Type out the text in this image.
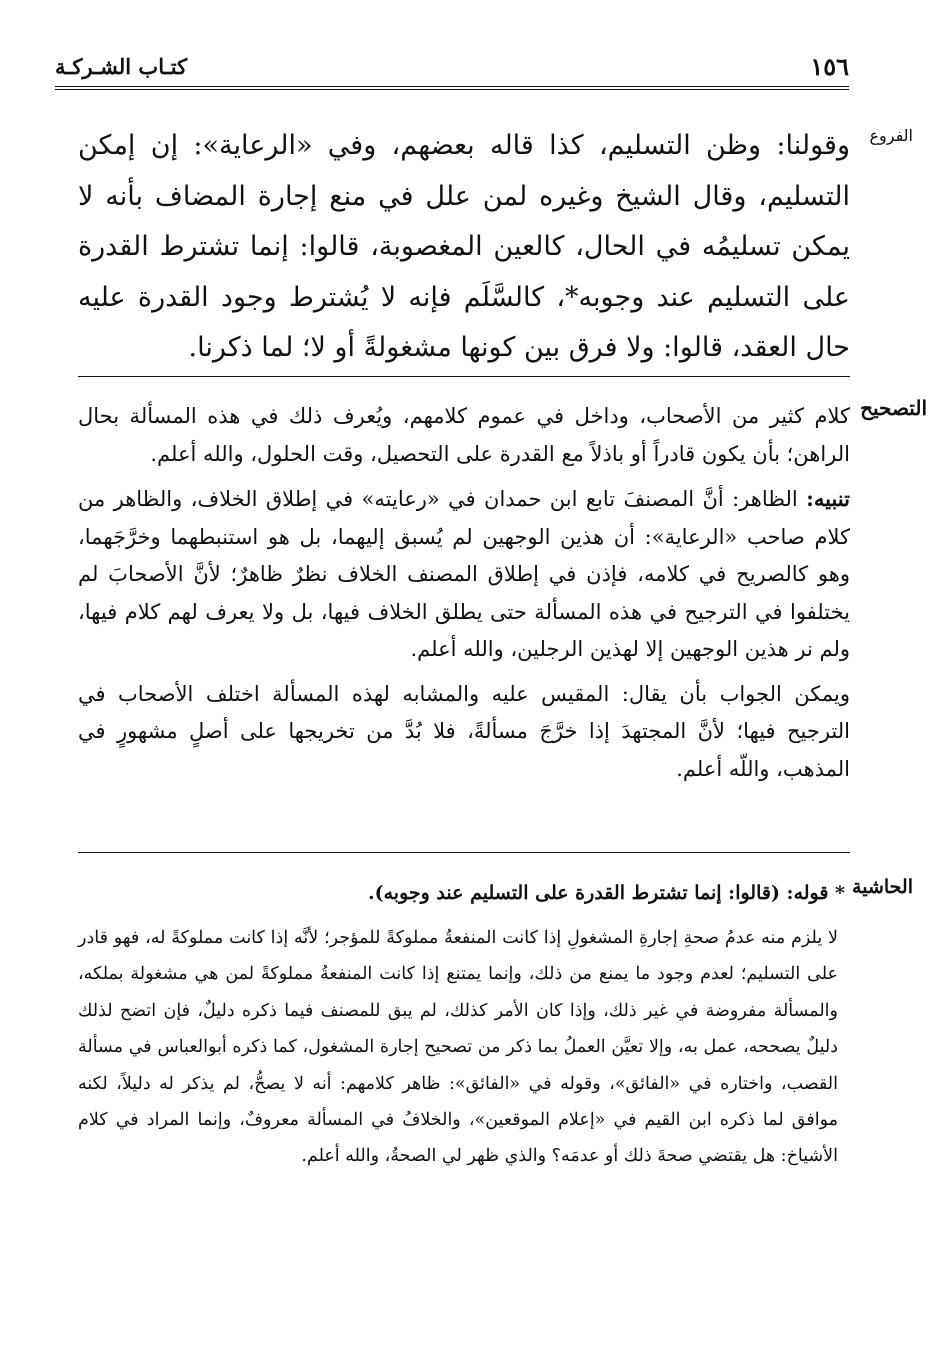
كتـاب الشـركـة	١٥٦
الفروع

وقولنا: وظن التسليم، كذا قاله بعضهم، وفي «الرعاية»: إن إمكن التسليم، وقال الشيخ وغيره لمن علل في منع إجارة المضاف بأنه لا يمكن تسليمُه في الحال، كالعين المغصوبة، قالوا: إنما تشترط القدرة على التسليم عند وجوبه*، كالسَّلَم فإنه لا يُشترط وجود القدرة عليه حال العقد، قالوا: ولا فرق بين كونها مشغولةً أو لا؛ لما ذكرنا.

التصحيح

كلام كثير من الأصحاب، وداخل في عموم كلامهم، ويُعرف ذلك في هذه المسألة بحال الراهن؛ بأن يكون قادراً أو باذلاً مع القدرة على التحصيل، وقت الحلول، والله أعلم.

تنبيه: الظاهر: أنَّ المصنفَ تابع ابن حمدان في «رعايته» في إطلاق الخلاف، والظاهر من كلام صاحب «الرعاية»: أن هذين الوجهين لم يُسبق إليهما، بل هو استنبطهما وخرَّجَهما، وهو كالصريح في كلامه، فإذن في إطلاق المصنف الخلاف نظرٌ ظاهرٌ؛ لأنَّ الأصحابَ لم يختلفوا في الترجيح في هذه المسألة حتى يطلق الخلاف فيها، بل ولا يعرف لهم كلام فيها، ولم نر هذين الوجهين إلا لهذين الرجلين، والله أعلم.

ويمكن الجواب بأن يقال: المقيس عليه والمشابه لهذه المسألة اختلف الأصحاب في الترجيح فيها؛ لأنَّ المجتهدَ إذا خرَّجَ مسألةً، فلا بُدَّ من تخريجها على أصلٍ مشهورٍ في المذهب، واللّه أعلم.

الحاشية
* قوله: (قالوا: إنما تشترط القدرة على التسليم عند وجوبه).

لا يلزم منه عدمُ صحةِ إجارةِ المشغولِ إذا كانت المنفعةُ مملوكةً للمؤجر؛ لأنَّه إذا كانت مملوكةً له، فهو قادر على التسليم؛ لعدم وجود ما يمنع من ذلك، وإنما يمتنع إذا كانت المنفعةُ مملوكةً لمن هي مشغولة بملكه، والمسألة مفروضة في غير ذلك، وإذا كان الأمر كذلك، لم يبق للمصنف فيما ذكره دليلٌ، فإن اتضح لذلك دليلٌ يصححه، عمل به، وإلا تعيَّن العملُ بما ذكر من تصحيح إجارة المشغول، كما ذكره أبوالعباس في مسألة القصب، واختاره في «الفائق»، وقوله في «الفائق»: ظاهر كلامهم: أنه لا يصحُّ، لم يذكر له دليلاً، لكنه موافق لما ذكره ابن القيم في «إعلام الموقعين»، والخلافُ في المسألة معروفٌ، وإنما المراد في كلام الأشياخ: هل يقتضي صحةَ ذلك أو عدمَه؟ والذي ظهر لي الصحةُ، والله أعلم.
